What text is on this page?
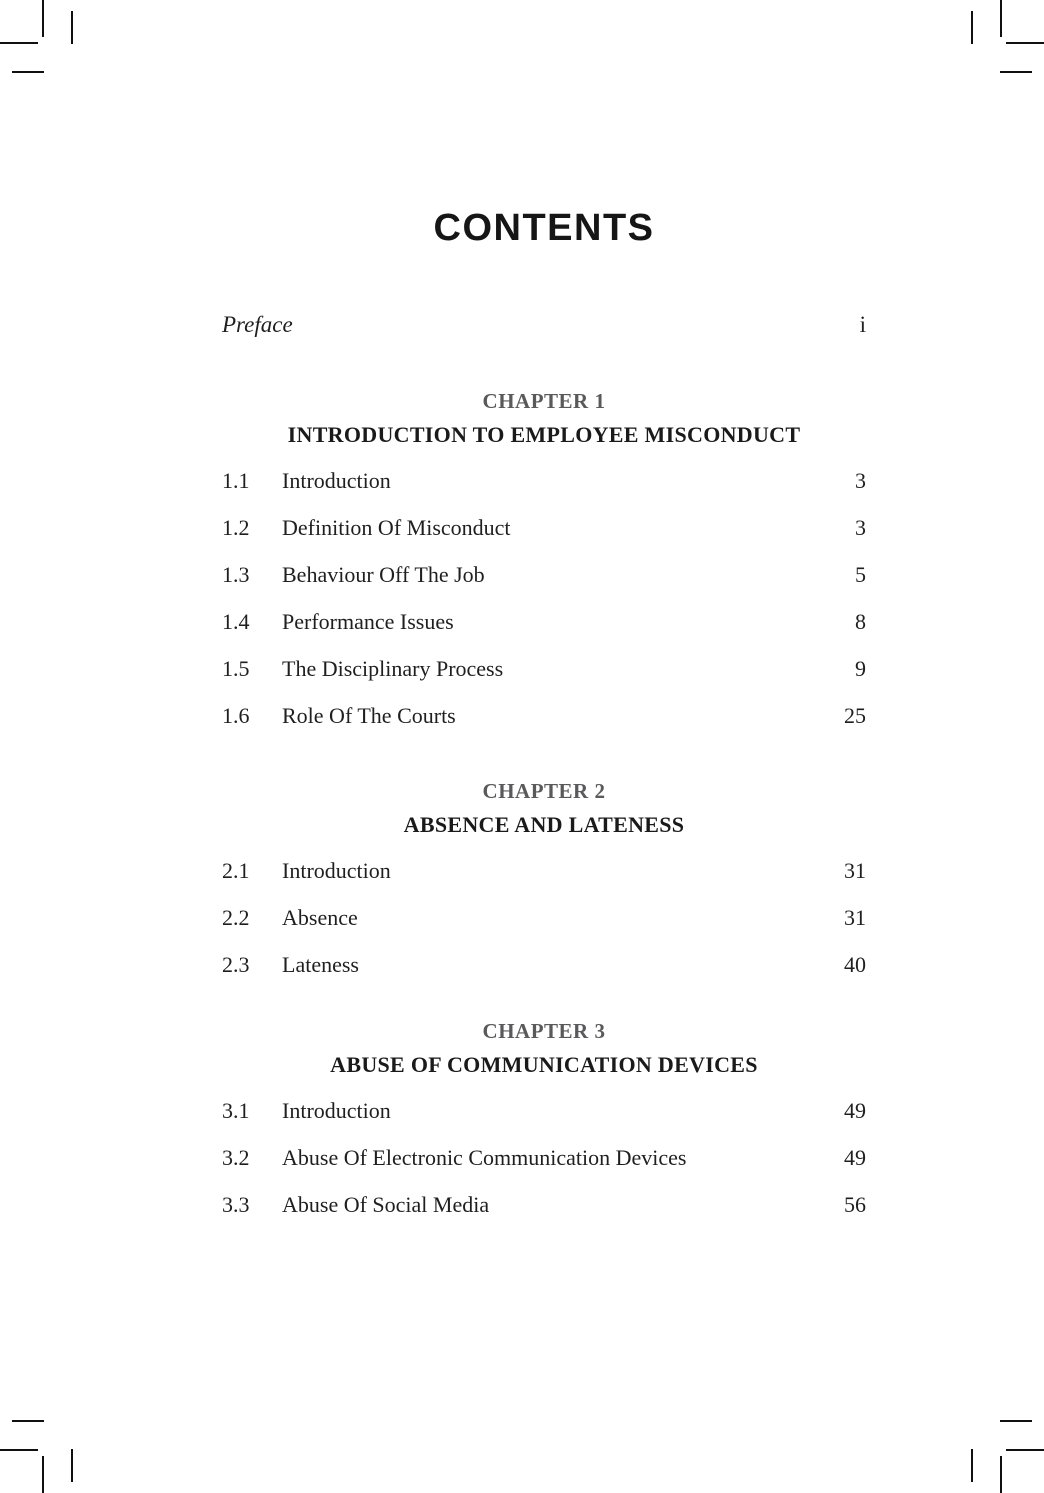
CONTENTS
Preface	i
CHAPTER 1
INTRODUCTION TO EMPLOYEE MISCONDUCT
1.1	Introduction	3
1.2	Definition Of Misconduct	3
1.3	Behaviour Off The Job	5
1.4	Performance Issues	8
1.5	The Disciplinary Process	9
1.6	Role Of The Courts	25
CHAPTER 2
ABSENCE AND LATENESS
2.1	Introduction	31
2.2	Absence	31
2.3	Lateness	40
CHAPTER 3
ABUSE OF COMMUNICATION DEVICES
3.1	Introduction	49
3.2	Abuse Of Electronic Communication Devices	49
3.3	Abuse Of Social Media	56
